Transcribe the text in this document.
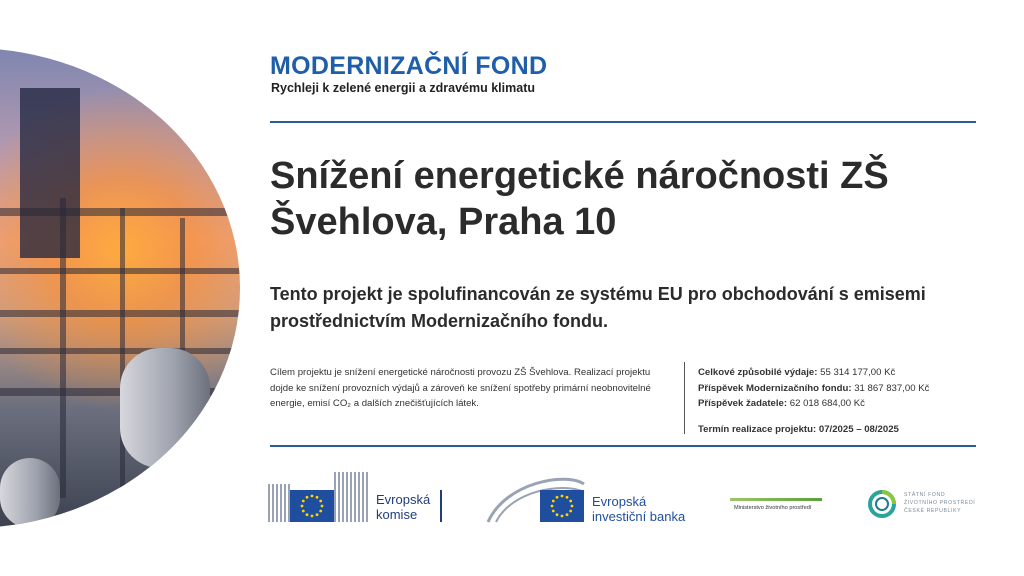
MODERNIZAČNÍ FOND
Rychleji k zelené energii a zdravému klimatu
Snížení energetické náročnosti ZŠ Švehlova, Praha 10
Tento projekt je spolufinancován ze systému EU pro obchodování s emisemi prostřednictvím Modernizačního fondu.
Cílem projektu je snížení energetické náročnosti provozu ZŠ Švehlova. Realizací projektu dojde ke snížení provozních výdajů a zároveň ke snížení spotřeby primární neobnovitelné energie, emisí CO₂ a dalších znečišťujících látek.
Celkové způsobilé výdaje: 55 314 177,00 Kč
Příspěvek Modernizačního fondu: 31 867 837,00 Kč
Příspěvek žadatele: 62 018 684,00 Kč
Termín realizace projektu: 07/2025 – 08/2025
Evropská
komise
Evropská
investiční banka
Ministerstvo životního prostředí
STÁTNÍ FOND
ŽIVOTNÍHO PROSTŘEDÍ
ČESKÉ REPUBLIKY
